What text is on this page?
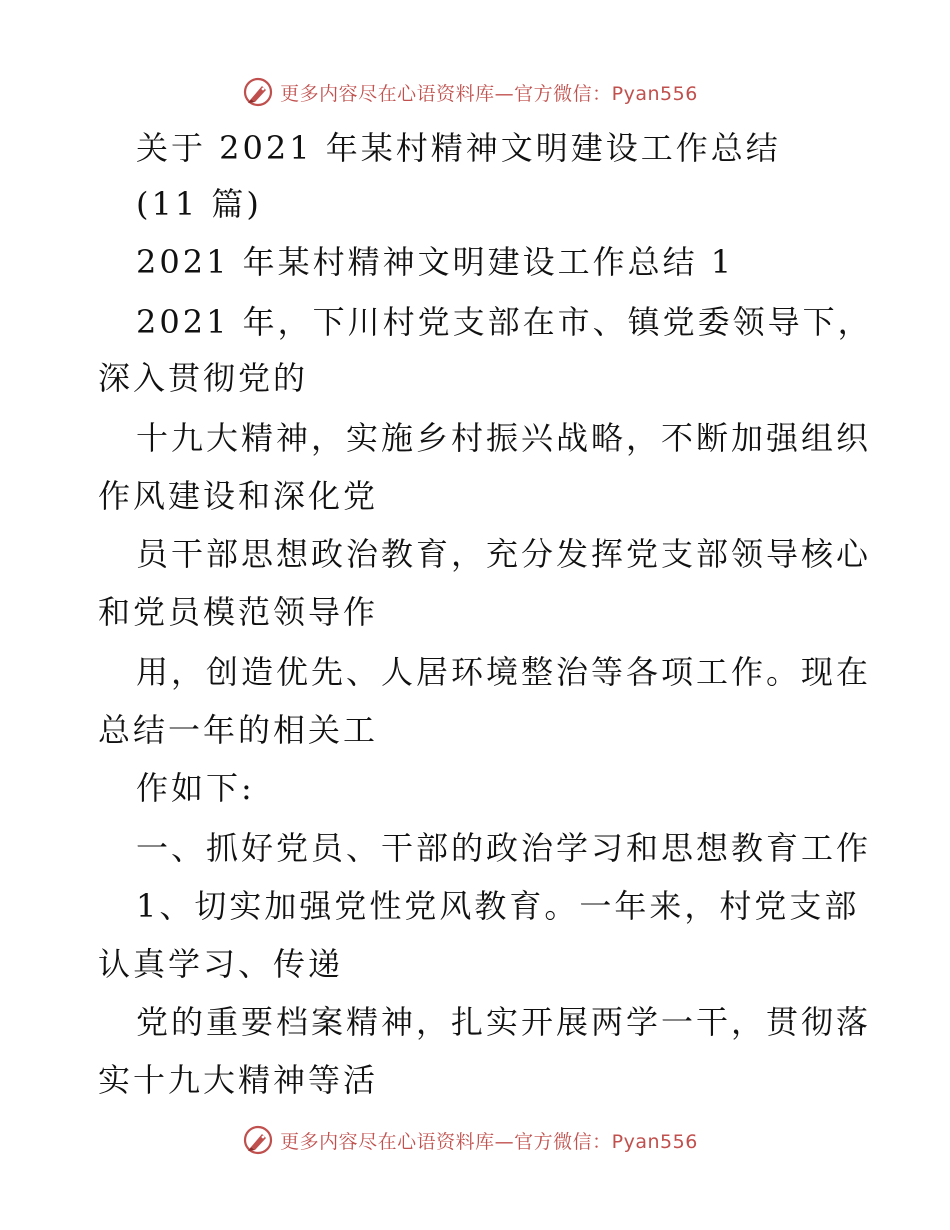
更多内容尽在心语资料库—官方微信：Pyan556
关于 2021 年某村精神文明建设工作总结
(11 篇)
2021 年某村精神文明建设工作总结 1
2021 年，下川村党支部在市、镇党委领导下，
深入贯彻党的
十九大精神，实施乡村振兴战略，不断加强组织
作风建设和深化党
员干部思想政治教育，充分发挥党支部领导核心
和党员模范领导作
用，创造优先、人居环境整治等各项工作。现在
总结一年的相关工
作如下:
一、抓好党员、干部的政治学习和思想教育工作
1、切实加强党性党风教育。一年来，村党支部
认真学习、传递
党的重要档案精神，扎实开展两学一干，贯彻落
实十九大精神等活
更多内容尽在心语资料库—官方微信：Pyan556
